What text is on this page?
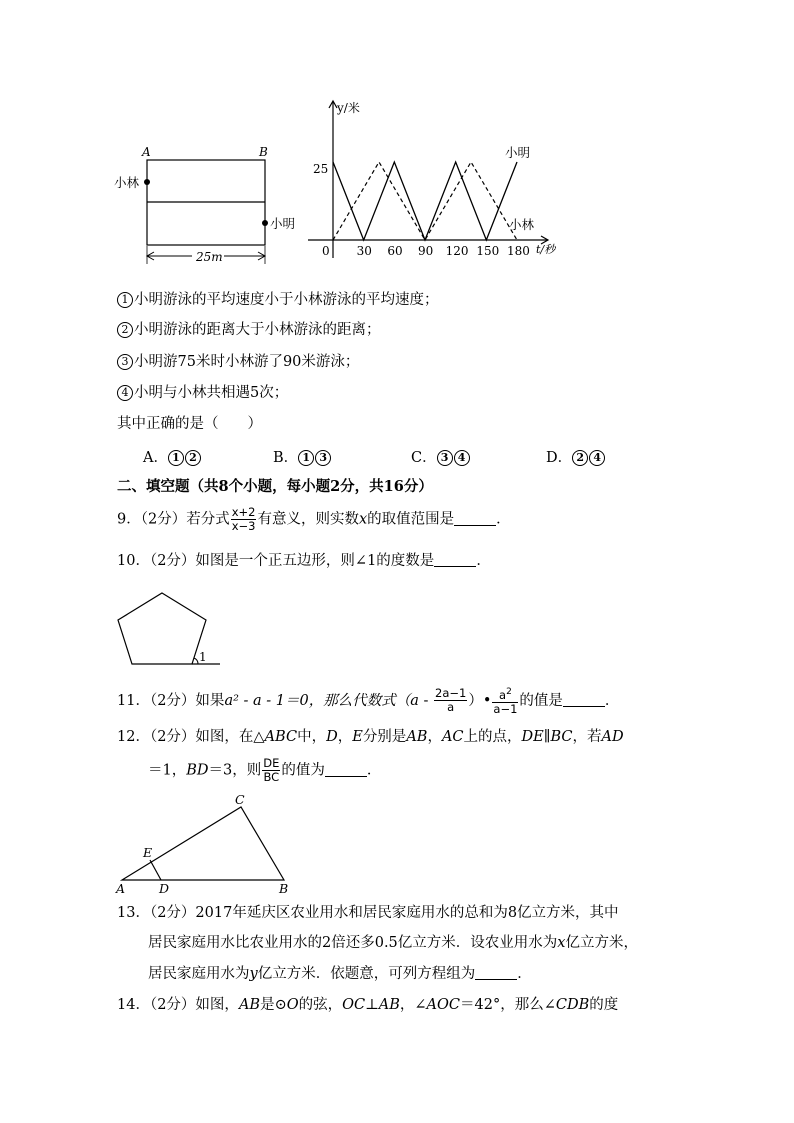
A	B
小林
小明
25m
y/米
t/秒
25
0 30 60 90 120 150 180
小明
小林
1 小明游泳的平均速度小于小林游泳的平均速度；
2 小明游泳的距离大于小林游泳的距离；
3 小明游75米时小林游了90米游泳；
4 小明与小林共相遇5次；
其中正确的是（　　）
A． 1 2	B． 1 3	C． 3 4	D． 2 4
二、填空题（共8个小题，每小题2分，共16分）
9．（2分）若分式 $\frac{x+2}{x-3}$ 有意义，则实数x的取值范围是	．
10．（2分）如图是一个正五边形，则∠1的度数是	．
1
11．（2分）如果a² - a - 1＝0，那么代数式（$a - \frac{2a-1}{a}$ ）• $\frac{a^2}{a-1}$ 的值是	．
12．（2分）如图，在△ABC中，D，E分别是AB，AC上的点，DE∥BC，若AD
＝1，BD＝3，则 $\frac{DE}{BC}$ 的值为	．
C
E
A	D	B
13．（2分）2017年延庆区农业用水和居民家庭用水的总和为8亿立方米，其中
居民家庭用水比农业用水的2倍还多0.5亿立方米．设农业用水为x亿立方米，
居民家庭用水为y亿立方米．依题意，可列方程组为	．
14．（2分）如图，AB是⊙O的弦，OC⊥AB，∠AOC＝42°，那么∠CDB的度
